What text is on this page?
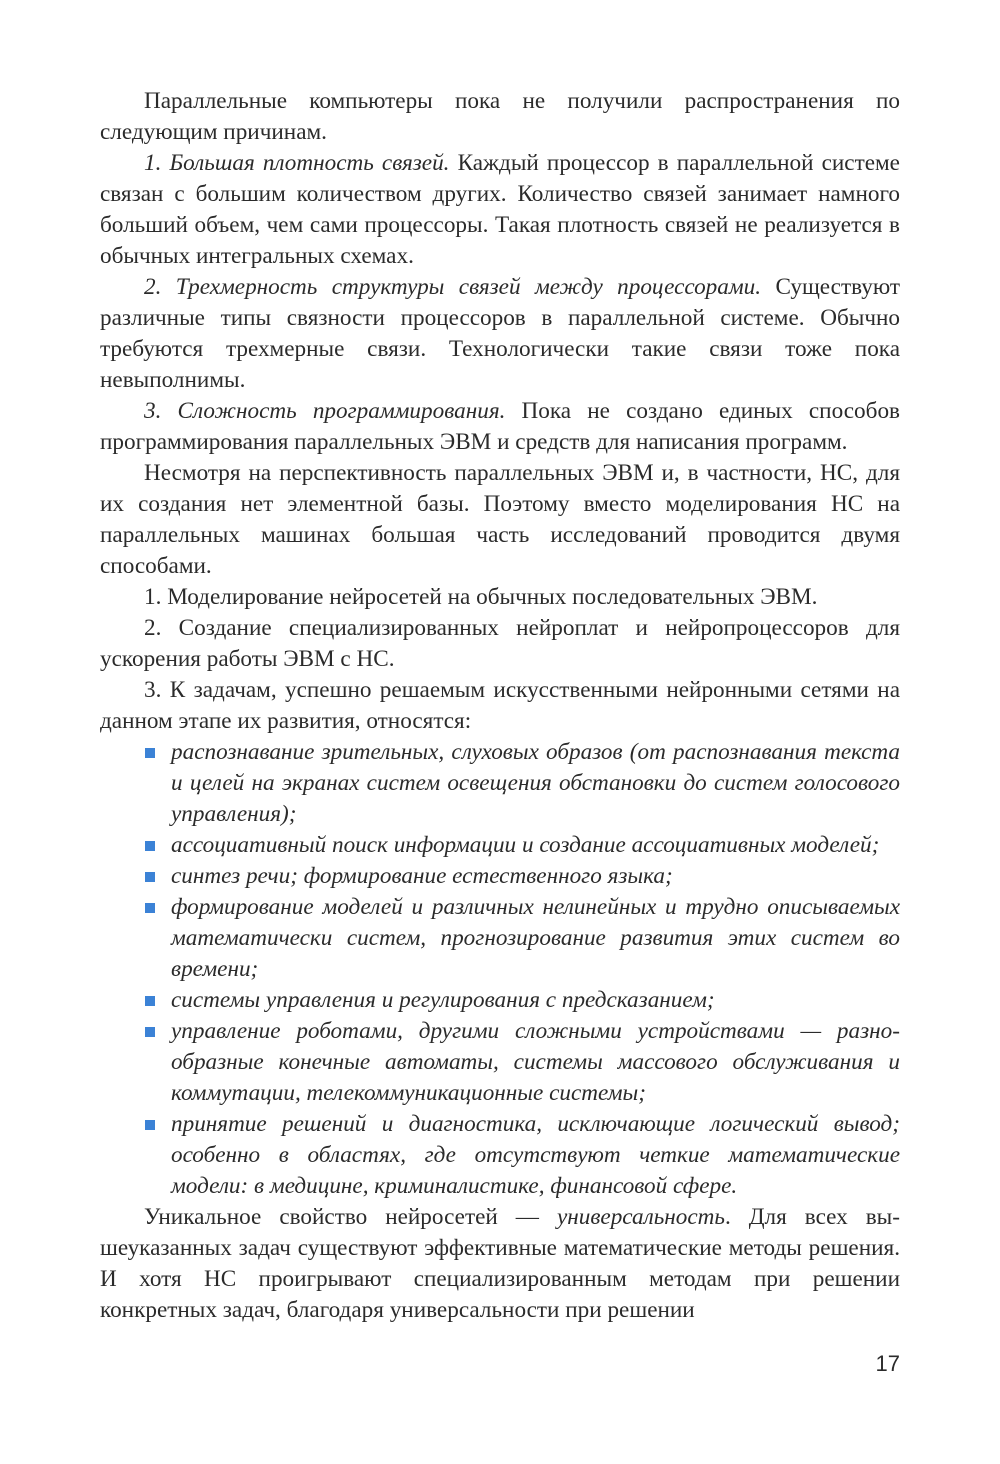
Параллельные компьютеры пока не получили распространения по следующим причинам.

1. Большая плотность связей. Каждый процессор в параллельной системе связан с большим количеством других. Количество связей занимает намного больший объем, чем сами процессоры. Такая плотность связей не реализуется в обычных интегральных схемах.

2. Трехмерность структуры связей между процессорами. Существуют различные типы связности процессоров в параллельной системе. Обычно требуются трехмерные связи. Технологически такие связи тоже пока невыполнимы.

3. Сложность программирования. Пока не создано единых способов программирования параллельных ЭВМ и средств для написания программ.

Несмотря на перспективность параллельных ЭВМ и, в частности, НС, для их создания нет элементной базы. Поэтому вместо моделирования НС на параллельных машинах большая часть исследований проводится двумя способами.

1. Моделирование нейросетей на обычных последовательных ЭВМ.

2. Создание специализированных нейроплат и нейропроцессоров для ускорения работы ЭВМ с НС.

3. К задачам, успешно решаемым искусственными нейронными сетями на данном этапе их развития, относятся:

распознавание зрительных, слуховых образов (от распознавания текста и целей на экранах систем освещения обстановки до систем голосового управления);
ассоциативный поиск информации и создание ассоциативных моделей;
синтез речи; формирование естественного языка;
формирование моделей и различных нелинейных и трудно описываемых математически систем, прогнозирование развития этих систем во времени;
системы управления и регулирования с предсказанием;
управление роботами, другими сложными устройствами — разнообразные конечные автоматы, системы массового обслуживания и коммутации, телекоммуникационные системы;
принятие решений и диагностика, исключающие логический вывод; особенно в областях, где отсутствуют четкие математические модели: в медицине, криминалистике, финансовой сфере.

Уникальное свойство нейросетей — универсальность. Для всех вышеуказанных задач существуют эффективные математические методы решения. И хотя НС проигрывают специализированным методам при решении конкретных задач, благодаря универсальности при решении

17
